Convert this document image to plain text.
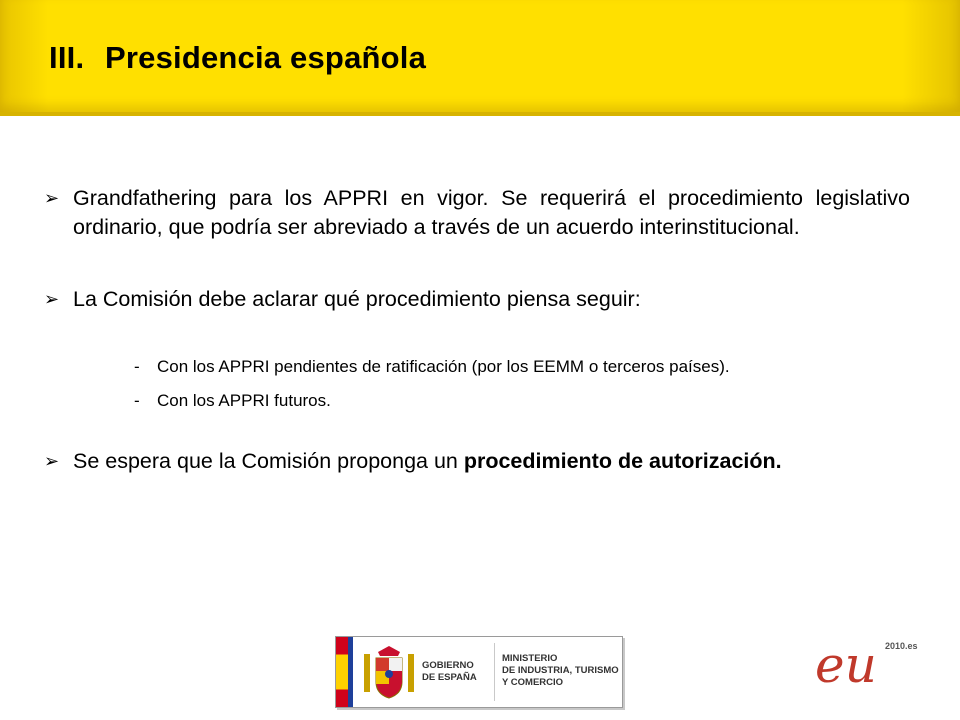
III. Presidencia española
➢ Grandfathering para los APPRI en vigor. Se requerirá el procedimiento legislativo ordinario, que podría ser abreviado a través de un acuerdo interinstitucional.
➢ La Comisión debe aclarar qué procedimiento piensa seguir:
- Con los APPRI pendientes de ratificación (por los EEMM o terceros países).
- Con los APPRI futuros.
➢ Se espera que la Comisión proponga un procedimiento de autorización.
GOBIERNO
DE ESPAÑA
MINISTERIO
DE INDUSTRIA, TURISMO
Y COMERCIO	eu 2010.es
